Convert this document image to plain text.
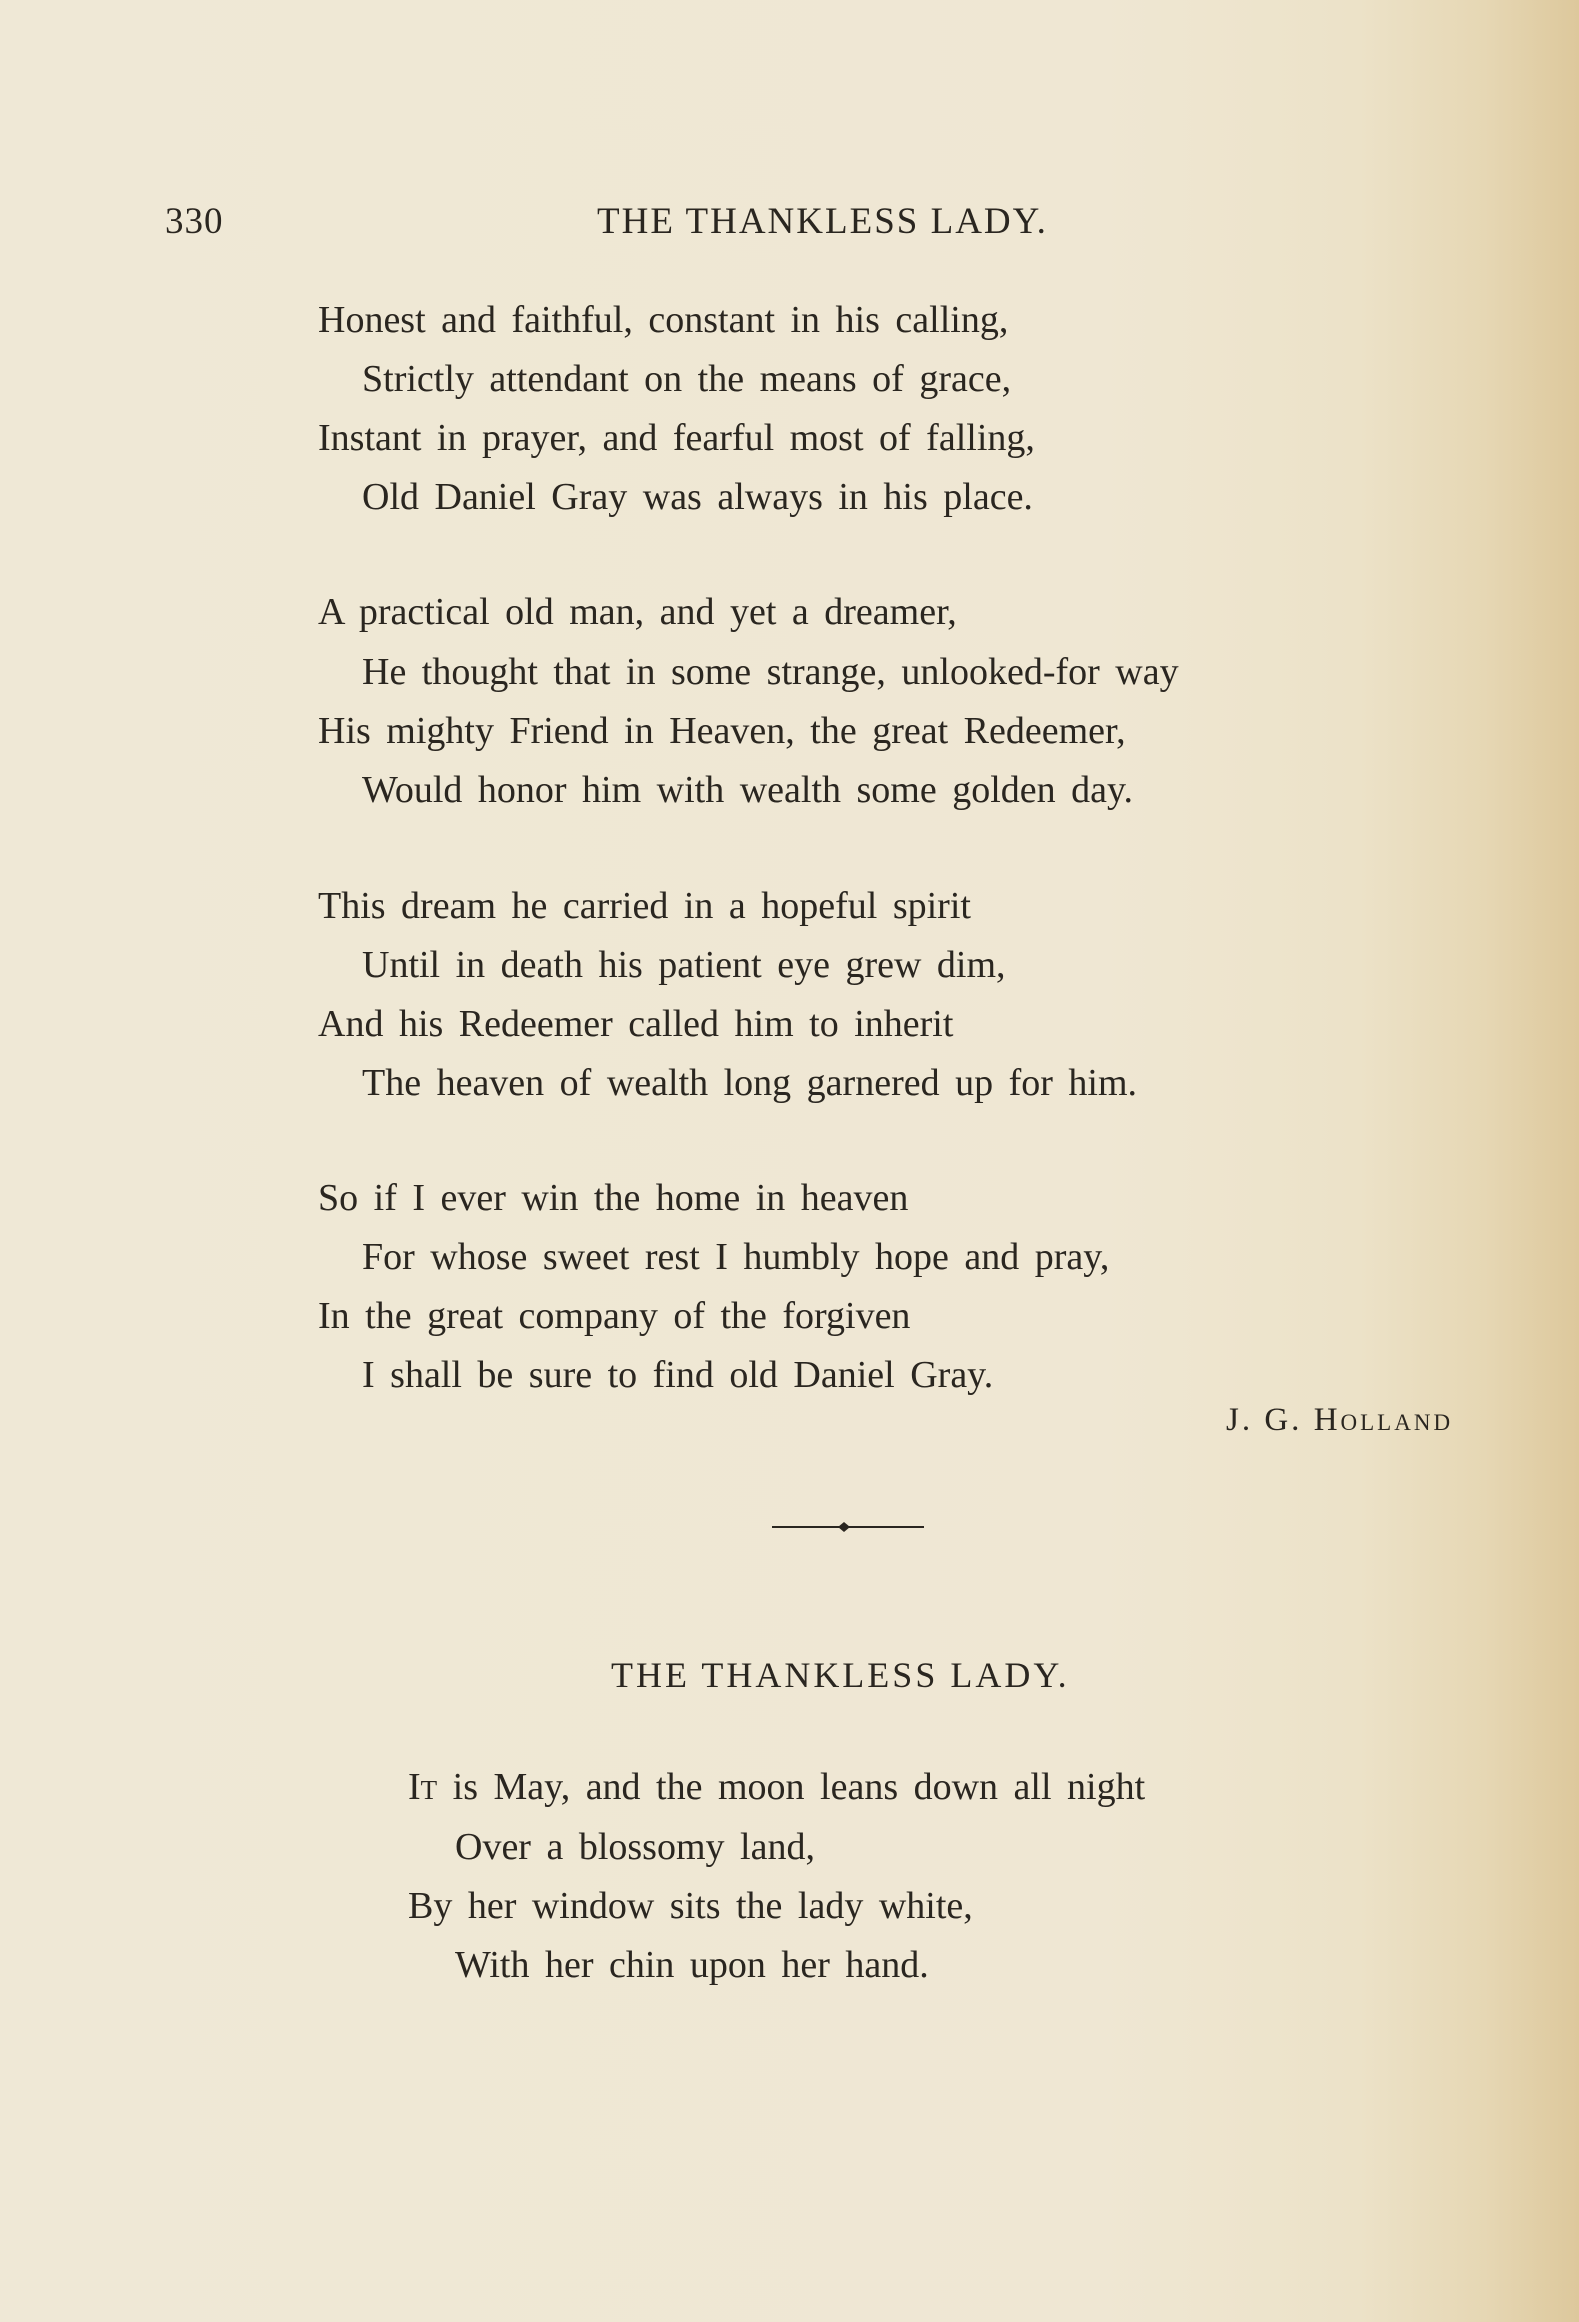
330	THE THANKLESS LADY.
Honest and faithful, constant in his calling,
Strictly attendant on the means of grace,
Instant in prayer, and fearful most of falling,
Old Daniel Gray was always in his place.
A practical old man, and yet a dreamer,
He thought that in some strange, unlooked-for way
His mighty Friend in Heaven, the great Redeemer,
Would honor him with wealth some golden day.
This dream he carried in a hopeful spirit
Until in death his patient eye grew dim,
And his Redeemer called him to inherit
The heaven of wealth long garnered up for him.
So if I ever win the home in heaven
For whose sweet rest I humbly hope and pray,
In the great company of the forgiven
I shall be sure to find old Daniel Gray.
J. G. Holland
THE THANKLESS LADY.
It is May, and the moon leans down all night
Over a blossomy land,
By her window sits the lady white,
With her chin upon her hand.
